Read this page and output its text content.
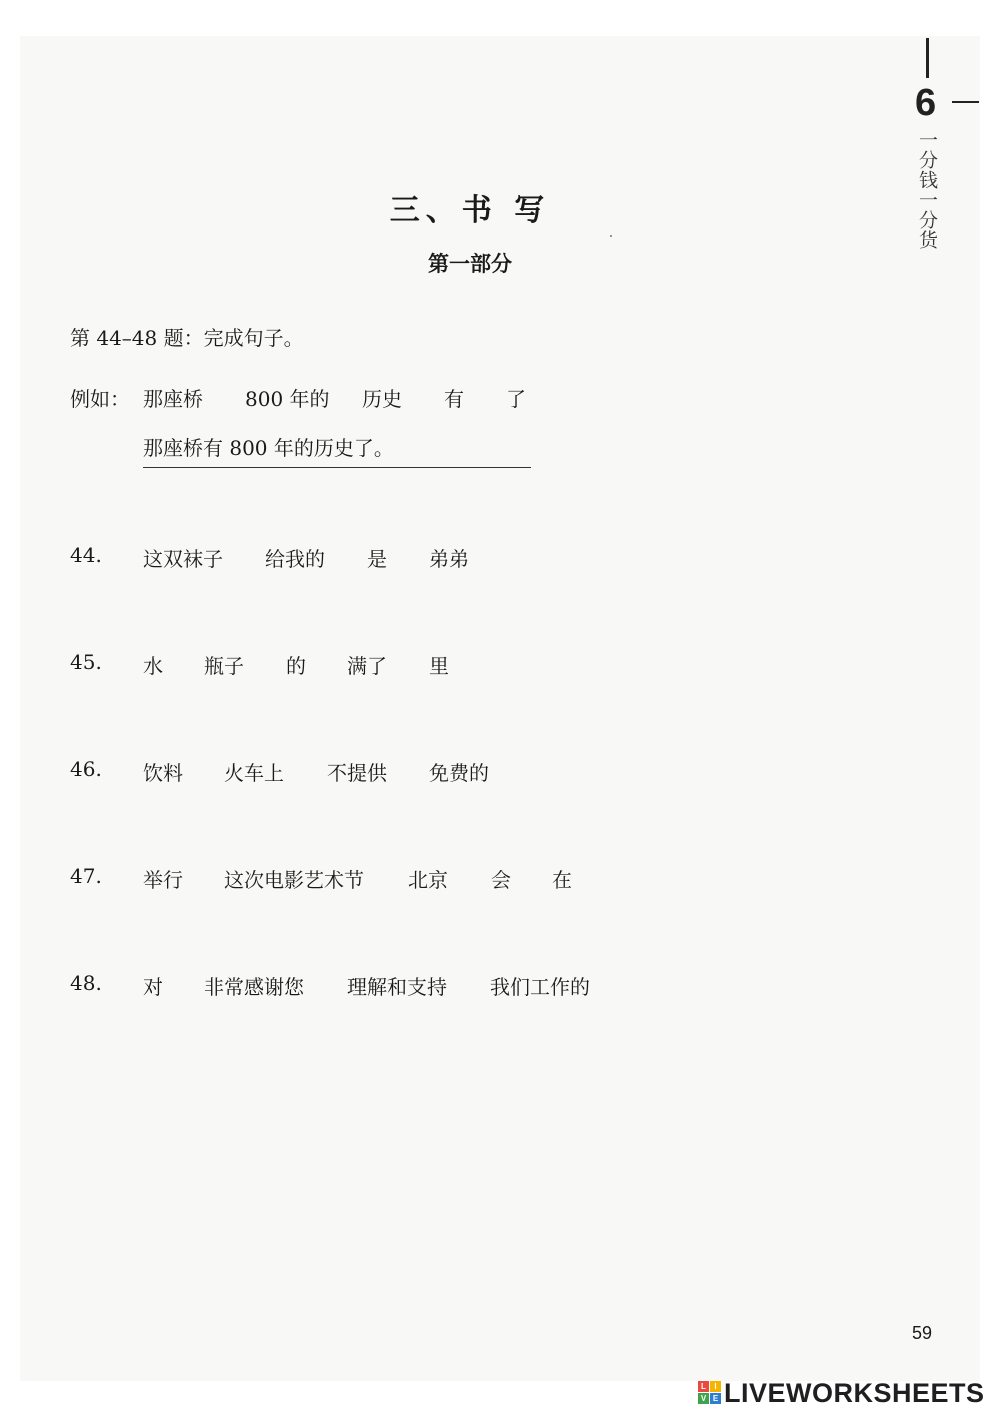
6
一分钱一分货
三、书 写
第一部分
第 44–48 题：完成句子。
例如： 那座桥 800 年的 历史 有 了
那座桥有 800 年的历史了。
44. 这双袜子 给我的 是 弟弟
45. 水 瓶子 的 满了 里
46. 饮料 火车上 不提供 免费的
47. 举行 这次电影艺术节 北京 会 在
48. 对 非常感谢您 理解和支持 我们工作的
59
L	I
V E LIVEWORKSHEETS
